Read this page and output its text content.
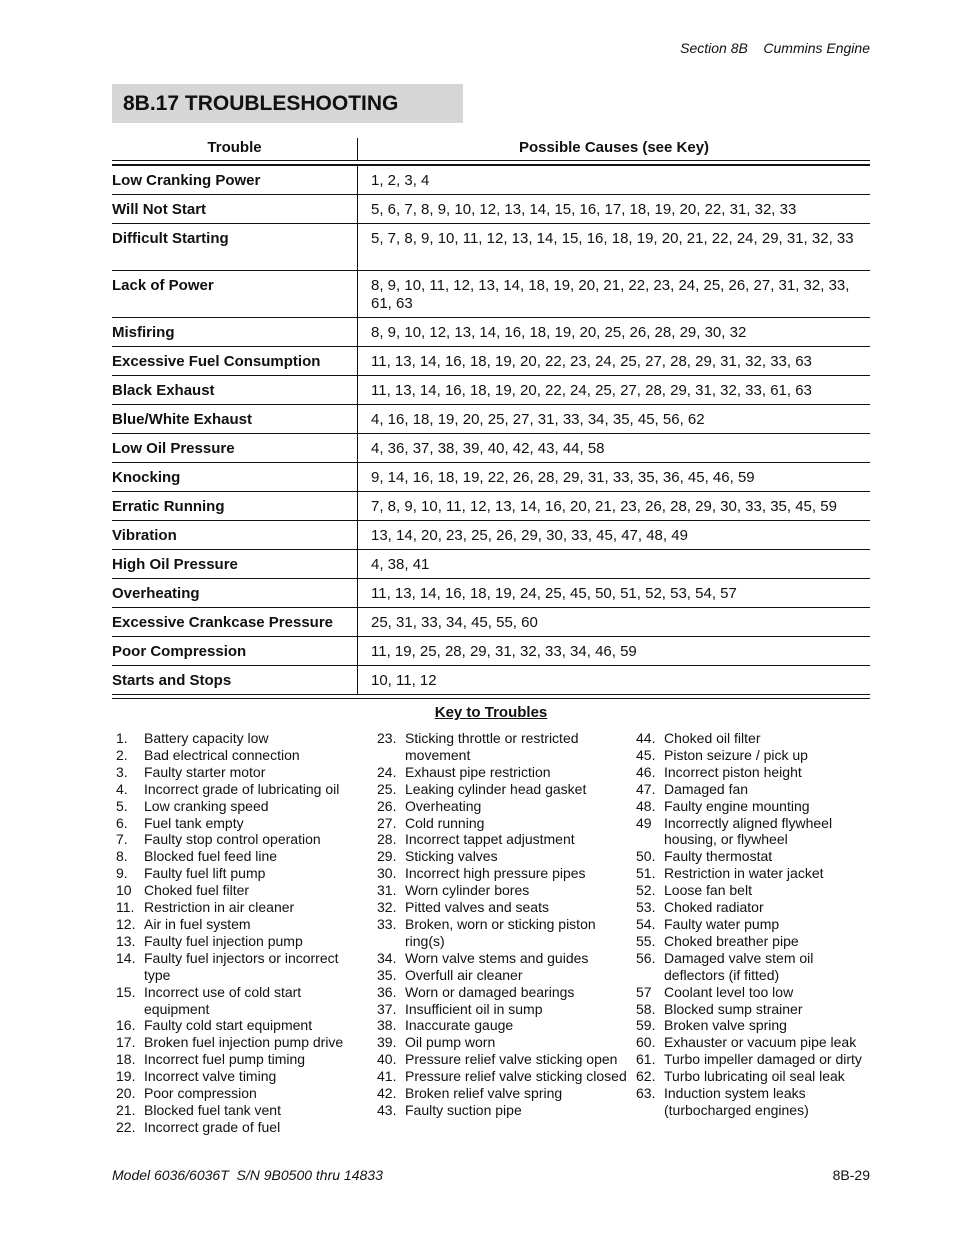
Section 8B    Cummins Engine
8B.17 TROUBLESHOOTING
Trouble	Possible Causes (see Key)
Low Cranking Power	1, 2, 3, 4
Will Not Start	5, 6, 7, 8, 9, 10, 12, 13, 14, 15, 16, 17, 18, 19, 20, 22, 31, 32, 33
Difficult Starting	5, 7, 8, 9, 10, 11, 12, 13, 14, 15, 16, 18, 19, 20, 21, 22, 24, 29, 31, 32, 33
Lack of Power	8, 9, 10, 11, 12, 13, 14, 18, 19, 20, 21, 22, 23, 24, 25, 26, 27, 31, 32, 33, 61, 63
Misfiring	8, 9, 10, 12, 13, 14, 16, 18, 19, 20, 25, 26, 28, 29, 30, 32
Excessive Fuel Consumption	11, 13, 14, 16, 18, 19, 20, 22, 23, 24, 25, 27, 28, 29, 31, 32, 33, 63
Black Exhaust	11, 13, 14, 16, 18, 19, 20, 22, 24, 25, 27, 28, 29, 31, 32, 33, 61, 63
Blue/White Exhaust	4, 16, 18, 19, 20, 25, 27, 31, 33, 34, 35, 45, 56, 62
Low Oil Pressure	4, 36, 37, 38, 39, 40, 42, 43, 44, 58
Knocking	9, 14, 16, 18, 19, 22, 26, 28, 29, 31, 33, 35, 36, 45, 46, 59
Erratic Running	7, 8, 9, 10, 11, 12, 13, 14, 16, 20, 21, 23, 26, 28, 29, 30, 33, 35, 45, 59
Vibration	13, 14, 20, 23, 25, 26, 29, 30, 33, 45, 47, 48, 49
High Oil Pressure	4, 38, 41
Overheating	11, 13, 14, 16, 18, 19, 24, 25, 45, 50, 51, 52, 53, 54, 57
Excessive Crankcase Pressure	25, 31, 33, 34, 45, 55, 60
Poor Compression	11, 19, 25, 28, 29, 31, 32, 33, 34, 46, 59
Starts and Stops	10, 11, 12
Key to Troubles
1.	Battery capacity low
2.	Bad electrical connection
3.	Faulty starter motor
4.	Incorrect grade of lubricating oil
5.	Low cranking speed
6.	Fuel tank empty
7.	Faulty stop control operation
8.	Blocked fuel feed line
9.	Faulty fuel lift pump
10 Choked fuel filter
11. Restriction in air cleaner
12. Air in fuel system
13. Faulty fuel injection pump
14. Faulty fuel injectors or incorrect type
15. Incorrect use of cold start equipment
16. Faulty cold start equipment
17. Broken fuel injection pump drive
18. Incorrect fuel pump timing
19. Incorrect valve timing
20. Poor compression
21. Blocked fuel tank vent
22. Incorrect grade of fuel
23. Sticking throttle or restricted movement
24. Exhaust pipe restriction
25. Leaking cylinder head gasket
26. Overheating
27. Cold running
28. Incorrect tappet adjustment
29. Sticking valves
30. Incorrect high pressure pipes
31. Worn cylinder bores
32. Pitted valves and seats
33. Broken, worn or sticking piston ring(s)
34. Worn valve stems and guides
35. Overfull air cleaner
36. Worn or damaged bearings
37. Insufficient oil in sump
38. Inaccurate gauge
39. Oil pump worn
40. Pressure relief valve sticking open
41. Pressure relief valve sticking closed
42. Broken relief valve spring
43. Faulty suction pipe
44. Choked oil filter
45. Piston seizure / pick up
46. Incorrect piston height
47. Damaged fan
48. Faulty engine mounting
49 Incorrectly aligned flywheel housing, or flywheel
50. Faulty thermostat
51. Restriction in water jacket
52. Loose fan belt
53. Choked radiator
54. Faulty water pump
55. Choked breather pipe
56. Damaged valve stem oil deflectors (if fitted)
57 Coolant level too low
58. Blocked sump strainer
59. Broken valve spring
60. Exhauster or vacuum pipe leak
61. Turbo impeller damaged or dirty
62. Turbo lubricating oil seal leak
63. Induction system leaks (turbocharged engines)
Model 6036/6036T  S/N 9B0500 thru 14833	8B-29
